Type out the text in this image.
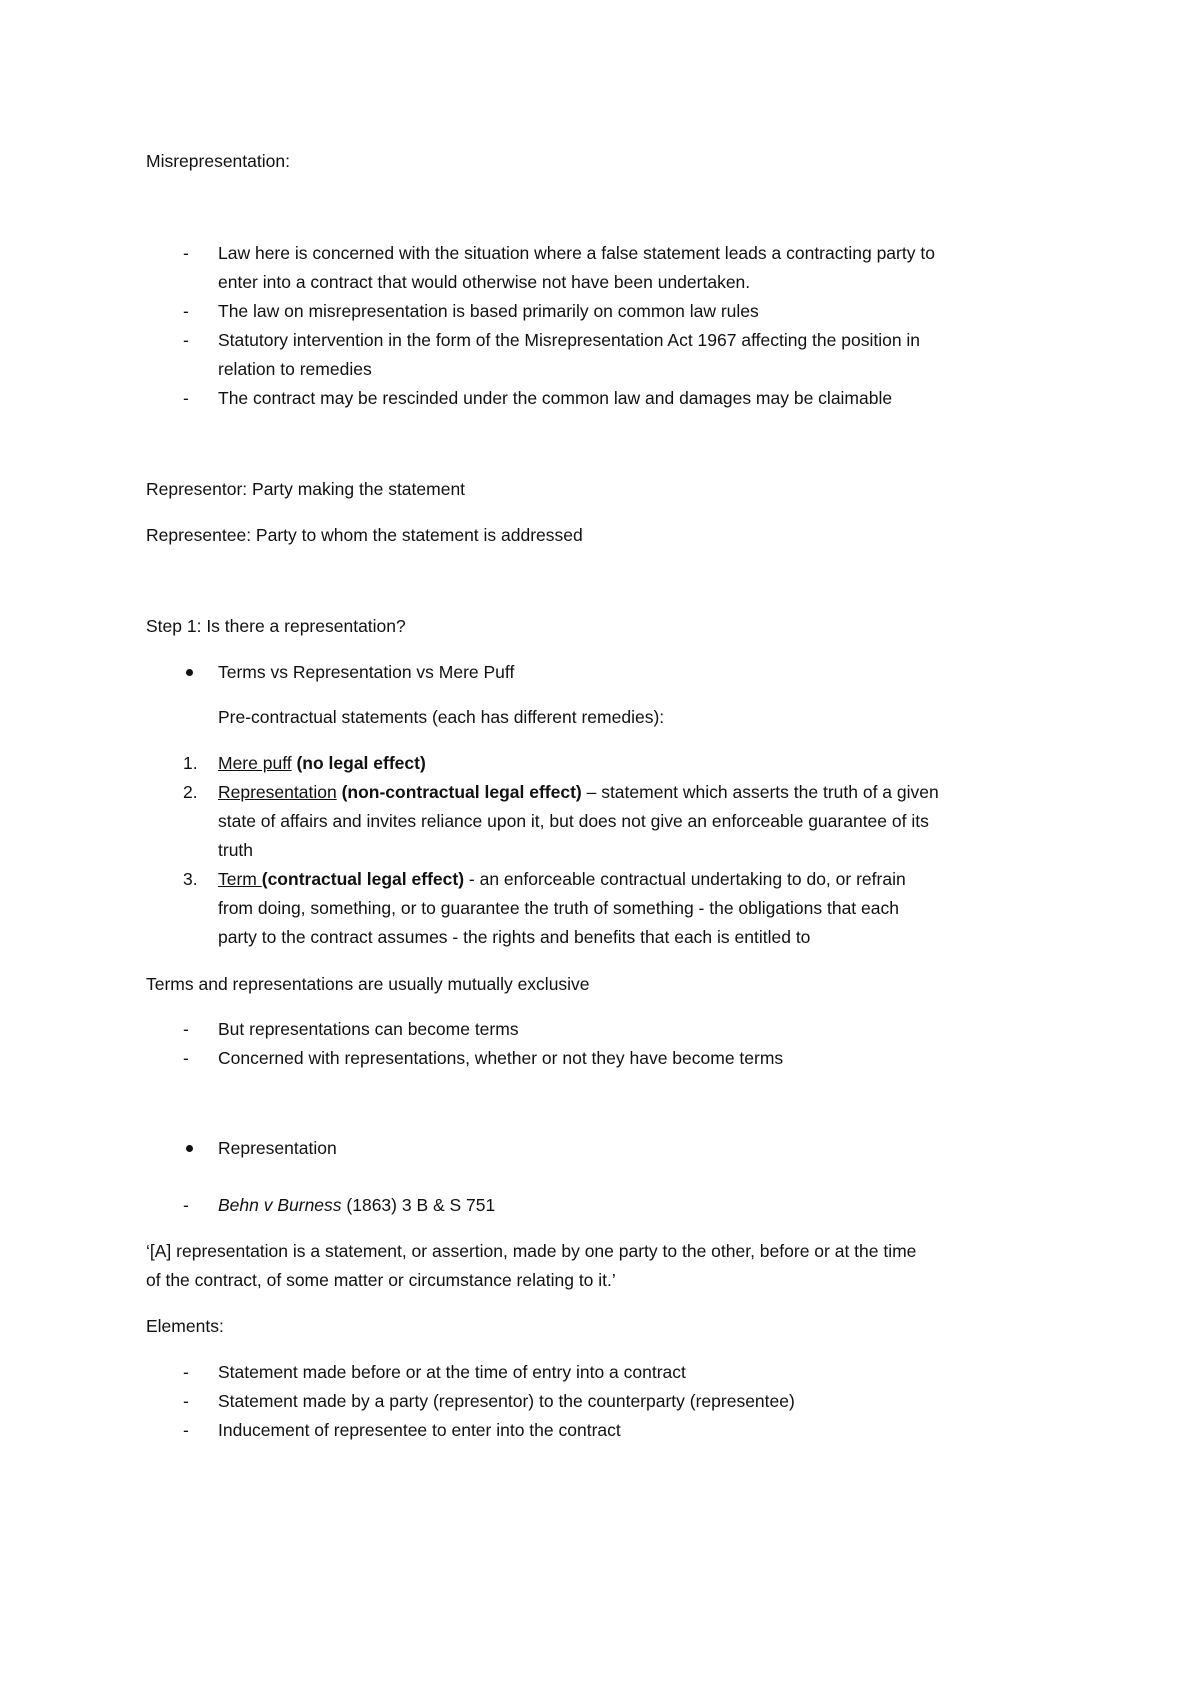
Misrepresentation:
- Law here is concerned with the situation where a false statement leads a contracting party to
enter into a contract that would otherwise not have been undertaken.
- The law on misrepresentation is based primarily on common law rules
- Statutory intervention in the form of the Misrepresentation Act 1967 affecting the position in
relation to remedies
- The contract may be rescinded under the common law and damages may be claimable
Representor: Party making the statement
Representee: Party to whom the statement is addressed
Step 1: Is there a representation?
Terms vs Representation vs Mere Puff
Pre-contractual statements (each has different remedies):
1. Mere puff (no legal effect)
2. Representation (non-contractual legal effect) – statement which asserts the truth of a given
state of affairs and invites reliance upon it, but does not give an enforceable guarantee of its
truth
3. Term (contractual legal effect) - an enforceable contractual undertaking to do, or refrain
from doing, something, or to guarantee the truth of something - the obligations that each
party to the contract assumes - the rights and benefits that each is entitled to
Terms and representations are usually mutually exclusive
- But representations can become terms
- Concerned with representations, whether or not they have become terms
Representation
- Behn v Burness (1863) 3 B & S 751
‘[A] representation is a statement, or assertion, made by one party to the other, before or at the time
of the contract, of some matter or circumstance relating to it.’
Elements:
- Statement made before or at the time of entry into a contract
- Statement made by a party (representor) to the counterparty (representee)
- Inducement of representee to enter into the contract
